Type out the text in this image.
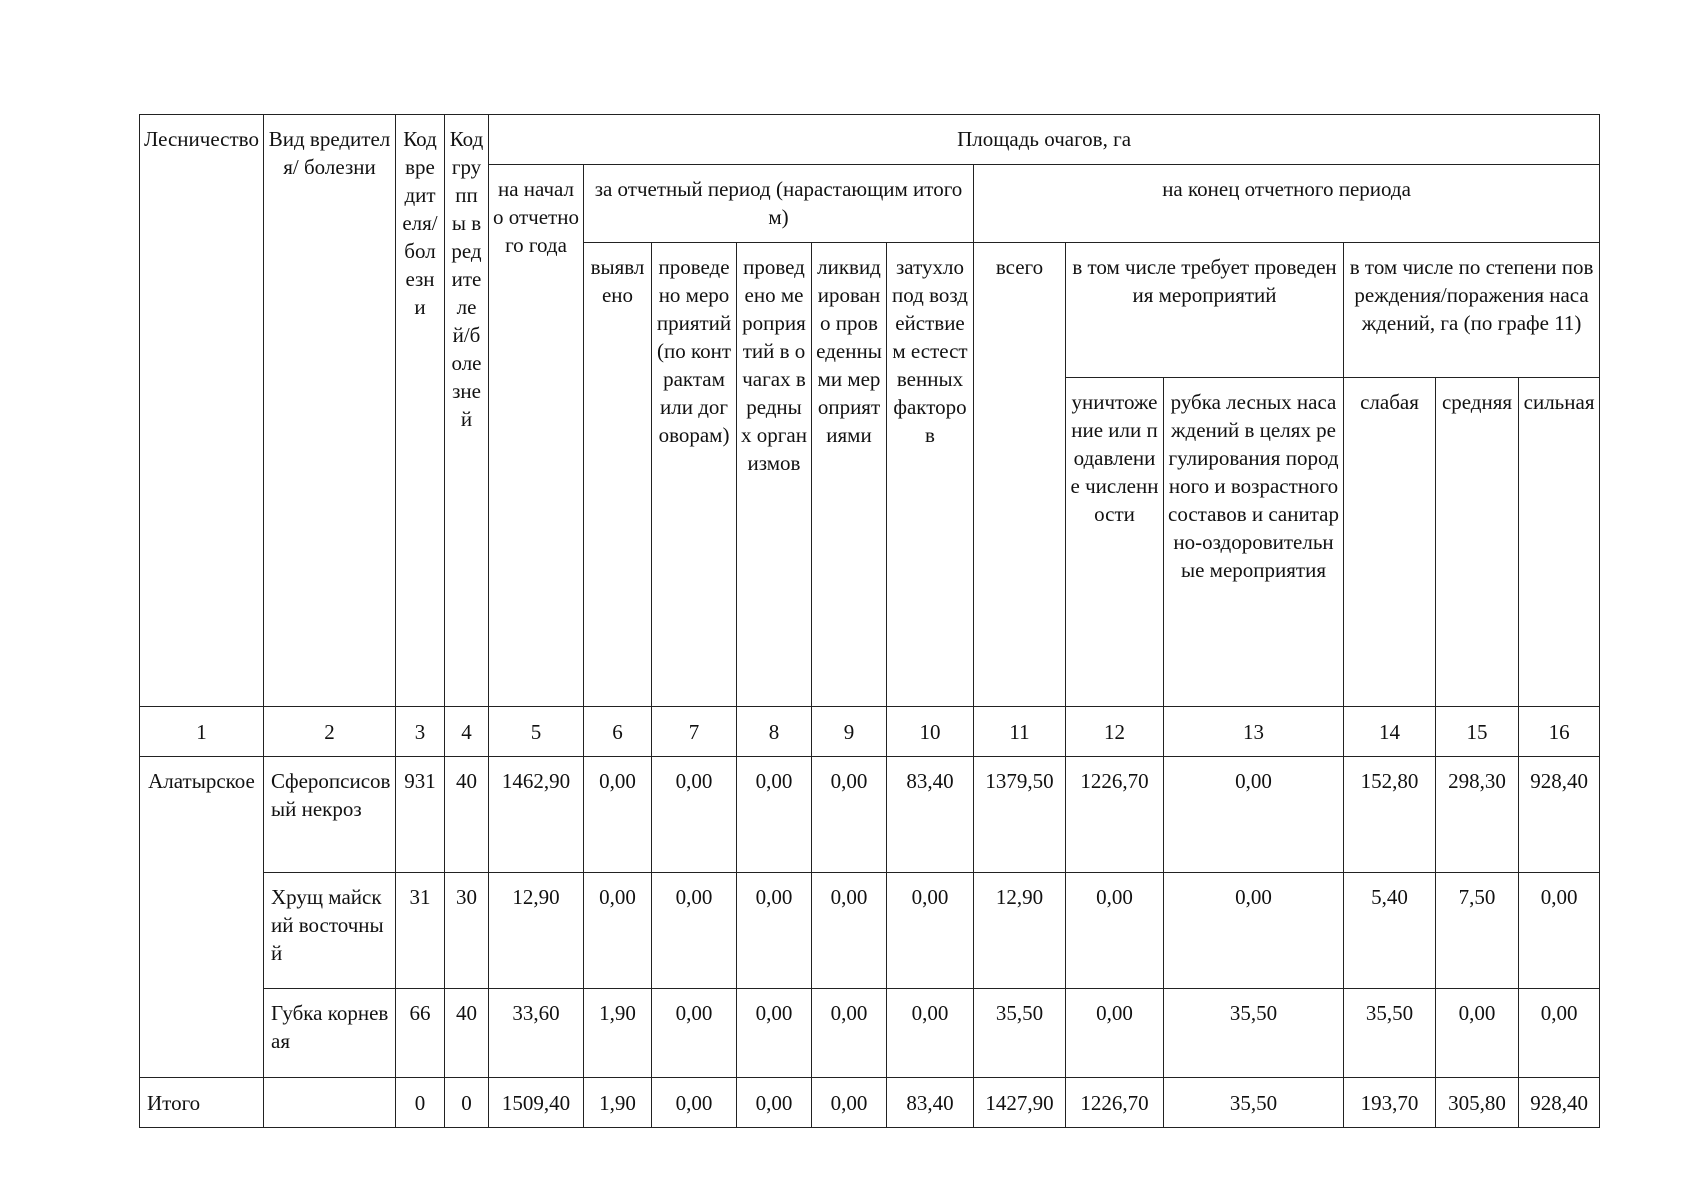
Лесничество	Вид вредителя/ болезни	Код вредителя/болезни	Код группы вредителей/болезней	Площадь очагов, га											
				на начало отчетного года	за отчетный период (нарастающим итогом)					на конец отчетного периода					
					выявлено	проведено мероприятий (по контрактам или договорам)	проведено мероприятий в очагах вредных организмов	ликвидировано проведенными мероприятиями	затухло под воздействием естественных факторов	всего	в том числе требует проведения мероприятий		в том числе по степени повреждения/поражения насаждений, га (по графе 11)		
											уничтожение или подавление численности	рубка лесных насаждений в целях регулирования породного и возрастного составов и санитарно-оздоровительные мероприятия	слабая	средняя	сильная
1	2	3	4	5	6	7	8	9	10	11	12	13	14	15	16
Алатырское	Сферопсисовый некроз	931	40	1462,90	0,00	0,00	0,00	0,00	83,40	1379,50	1226,70	0,00	152,80	298,30	928,40
	Хрущ майский восточный	31	30	12,90	0,00	0,00	0,00	0,00	0,00	12,90	0,00	0,00	5,40	7,50	0,00
	Губка корневая	66	40	33,60	1,90	0,00	0,00	0,00	0,00	35,50	0,00	35,50	35,50	0,00	0,00
Итого		0	0	1509,40	1,90	0,00	0,00	0,00	83,40	1427,90	1226,70	35,50	193,70	305,80	928,40
